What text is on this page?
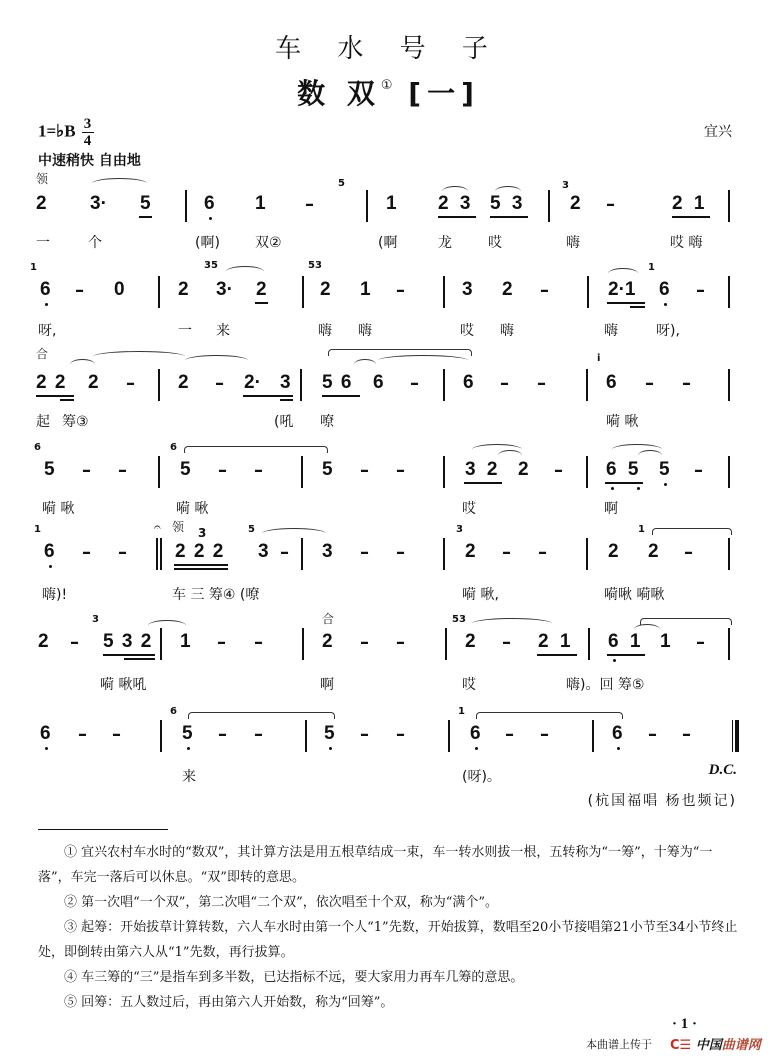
车 水 号 子
数 双① [一]
1=♭B $\frac{3}{4}$	宜兴
中速稍快 自由地
领
2 3· 5	6 1 –
5
1 2 3 5 3
3
2 –	2 1
一	个	(啊)	双②	(啊	龙	哎	嗨	哎 嗨
1
6 – 0	2
35
3· 2
53
2 1 –	3 2 –	2·1
1
6 –
呀,	一 来	嗨 嗨	哎 嗨	嗨	呀),
合
2 2 2 – 2 – 2· 3 5 6 6 – 6 – –
i
6 – –
起 筹③	(吼 嘹	嗬 啾
6
5 – –
6
5 – –	5 – –	3 2 2 – 6 5 5 –
嗬 啾	嗬 啾	哎	啊
1
6 – –
𝄐 领 3
2 2 2
5
3 – 3 – –
3
2 – –	2
1
2 –
嗨)!	车 三 筹④ (嘹	嗬 啾,	嗬啾 嗬啾
2 –
3
5 3 2 1 – –
合
2 – –
53
2 – 2 1 6 1 1 –
嗬 啾吼	啊	哎	嗨)。回 筹⑤
6 – –
6
5 – –	5 – –
1
6 – –	6 – –
来	(呀)。	D.C.
(杭国福唱 杨也频记)

① 宜兴农村车水时的“数双”，其计算方法是用五根草结成一束，车一转水则拔一根，五转称为“一筹”，十筹为“一落”，车完一落后可以休息。“双”即转的意思。

② 第一次唱“一个双”，第二次唱“二个双”，依次唱至十个双，称为“满个”。

③ 起筹：开始拔草计算转数，六人车水时由第一个人“1”先数，开始拔算，数唱至20小节接唱第21小节至34小节终止处，即倒转由第六人从“1”先数，再行拔算。

④ 车三筹的“三”是指车到多半数，已达指标不远，要大家用力再车几筹的意思。

⑤ 回筹：五人数过后，再由第六人开始数，称为“回筹”。

· 1 ·
本曲谱上传于 C☰ 中国曲谱网
